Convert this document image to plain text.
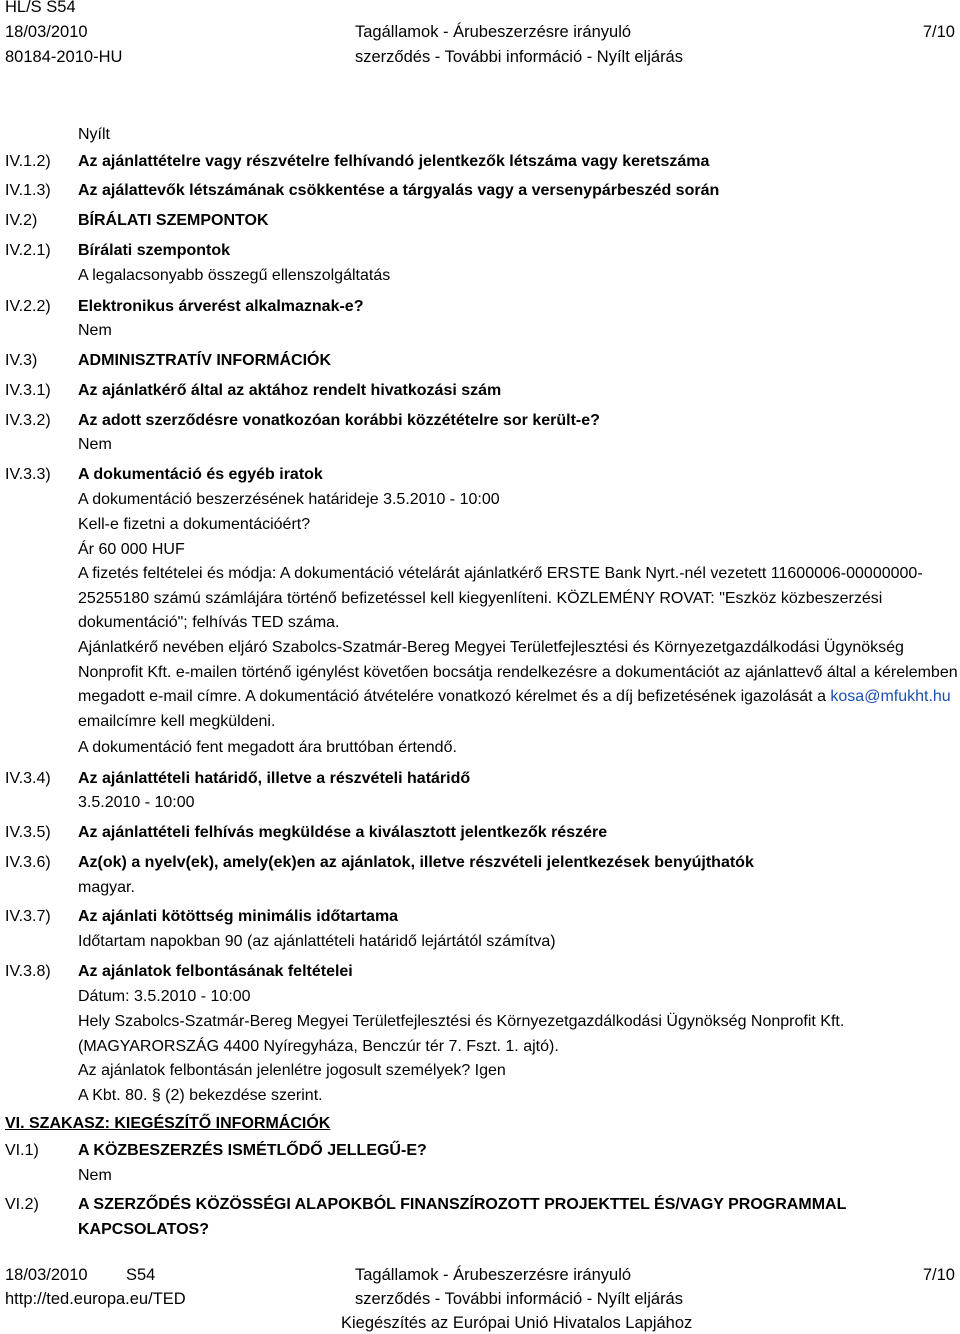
HL/S S54
18/03/2010
80184-2010-HU
Tagállamok - Árubeszerzésre irányuló
szerződés - További információ - Nyílt eljárás
7/10
Nyílt
IV.1.2) Az ajánlattételre vagy részvételre felhívandó jelentkezők létszáma vagy keretszáma
IV.1.3) Az ajálattevők létszámának csökkentése a tárgyalás vagy a versenypárbeszéd során
IV.2)	BÍRÁLATI SZEMPONTOK
IV.2.1) Bírálati szempontok
A legalacsonyabb összegű ellenszolgáltatás
IV.2.2) Elektronikus árverést alkalmaznak-e?
Nem
IV.3)	ADMINISZTRATÍV INFORMÁCIÓK
IV.3.1) Az ajánlatkérő által az aktához rendelt hivatkozási szám
IV.3.2) Az adott szerződésre vonatkozóan korábbi közzétételre sor került-e?
Nem
IV.3.3) A dokumentáció és egyéb iratok
A dokumentáció beszerzésének határideje 3.5.2010 - 10:00
Kell-e fizetni a dokumentációért?
Ár 60 000 HUF
A fizetés feltételei és módja: A dokumentáció vételárát ajánlatkérő ERSTE Bank Nyrt.-nél vezetett 11600006-00000000-25255180 számú számlájára történő befizetéssel kell kiegyenlíteni. KÖZLEMÉNY ROVAT: "Eszköz közbeszerzési dokumentáció"; felhívás TED száma.
Ajánlatkérő nevében eljáró Szabolcs-Szatmár-Bereg Megyei Területfejlesztési és Környezetgazdálkodási Ügynökség Nonprofit Kft. e-mailen történő igénylést követően bocsátja rendelkezésre a dokumentációt az ajánlattevő által a kérelemben megadott e-mail címre. A dokumentáció átvételére vonatkozó kérelmet és a díj befizetésének igazolását a kosa@mfukht.hu emailcímre kell megküldeni.
A dokumentáció fent megadott ára bruttóban értendő.
IV.3.4) Az ajánlattételi határidő, illetve a részvételi határidő
3.5.2010 - 10:00
IV.3.5) Az ajánlattételi felhívás megküldése a kiválasztott jelentkezők részére
IV.3.6) Az(ok) a nyelv(ek), amely(ek)en az ajánlatok, illetve részvételi jelentkezések benyújthatók
magyar.
IV.3.7) Az ajánlati kötöttség minimális időtartama
Időtartam napokban 90 (az ajánlattételi határidő lejártától számítva)
IV.3.8) Az ajánlatok felbontásának feltételei
Dátum: 3.5.2010 - 10:00
Hely Szabolcs-Szatmár-Bereg Megyei Területfejlesztési és Környezetgazdálkodási Ügynökség Nonprofit Kft.
(MAGYARORSZÁG 4400 Nyíregyháza, Benczúr tér 7. Fszt. 1. ajtó).
Az ajánlatok felbontásán jelenlétre jogosult személyek? Igen
A Kbt. 80. § (2) bekezdése szerint.
VI. SZAKASZ: KIEGÉSZÍTŐ INFORMÁCIÓK
VI.1) A KÖZBESZERZÉS ISMÉTLŐDŐ JELLEGŰ-E?
Nem
VI.2) A SZERZŐDÉS KÖZÖSSÉGI ALAPOKBÓL FINANSZÍROZOTT PROJEKTTEL ÉS/VAGY PROGRAMMAL
KAPCSOLATOS?
18/03/2010 S54
http://ted.europa.eu/TED
Tagállamok - Árubeszerzésre irányuló
szerződés - További információ - Nyílt eljárás
Kiegészítés az Európai Unió Hivatalos Lapjához
7/10
